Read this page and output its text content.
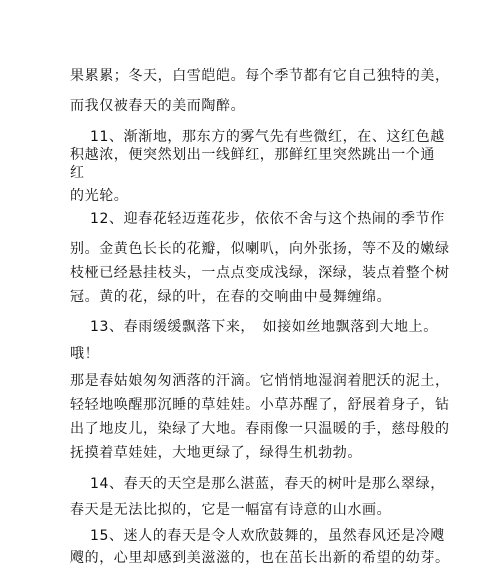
果累累；冬天，白雪皑皑。每个季节都有它自己独特的美，
而我仅被春天的美而陶醉。
11、渐渐地，那东方的雾气先有些微红，在、这红色越
积越浓，便突然划出一线鲜红，那鲜红里突然跳出一个通
红
的光轮。
12、迎春花轻迈莲花步，依依不舍与这个热闹的季节作
别。金黄色长长的花瓣，似喇叭，向外张扬，等不及的嫩绿
枝桠已经悬挂枝头，一点点变成浅绿，深绿，装点着整个树
冠。黄的花，绿的叶，在春的交响曲中曼舞缠绵。
13、春雨缓缓飘落下来，　如接如丝地飘落到大地上。
哦！
那是春姑娘匆匆洒落的汗滴。它悄悄地湿润着肥沃的泥土，
轻轻地唤醒那沉睡的草娃娃。小草苏醒了，舒展着身子，钻
出了地皮儿，染绿了大地。春雨像一只温暖的手，慈母般的
抚摸着草娃娃，大地更绿了，绿得生机勃勃。
14、春天的天空是那么湛蓝，春天的树叶是那么翠绿，
春天是无法比拟的，它是一幅富有诗意的山水画。
15、迷人的春天是令人欢欣鼓舞的，虽然春风还是冷飕
飕的，心里却感到美滋滋的，也在茁长出新的希望的幼芽。
